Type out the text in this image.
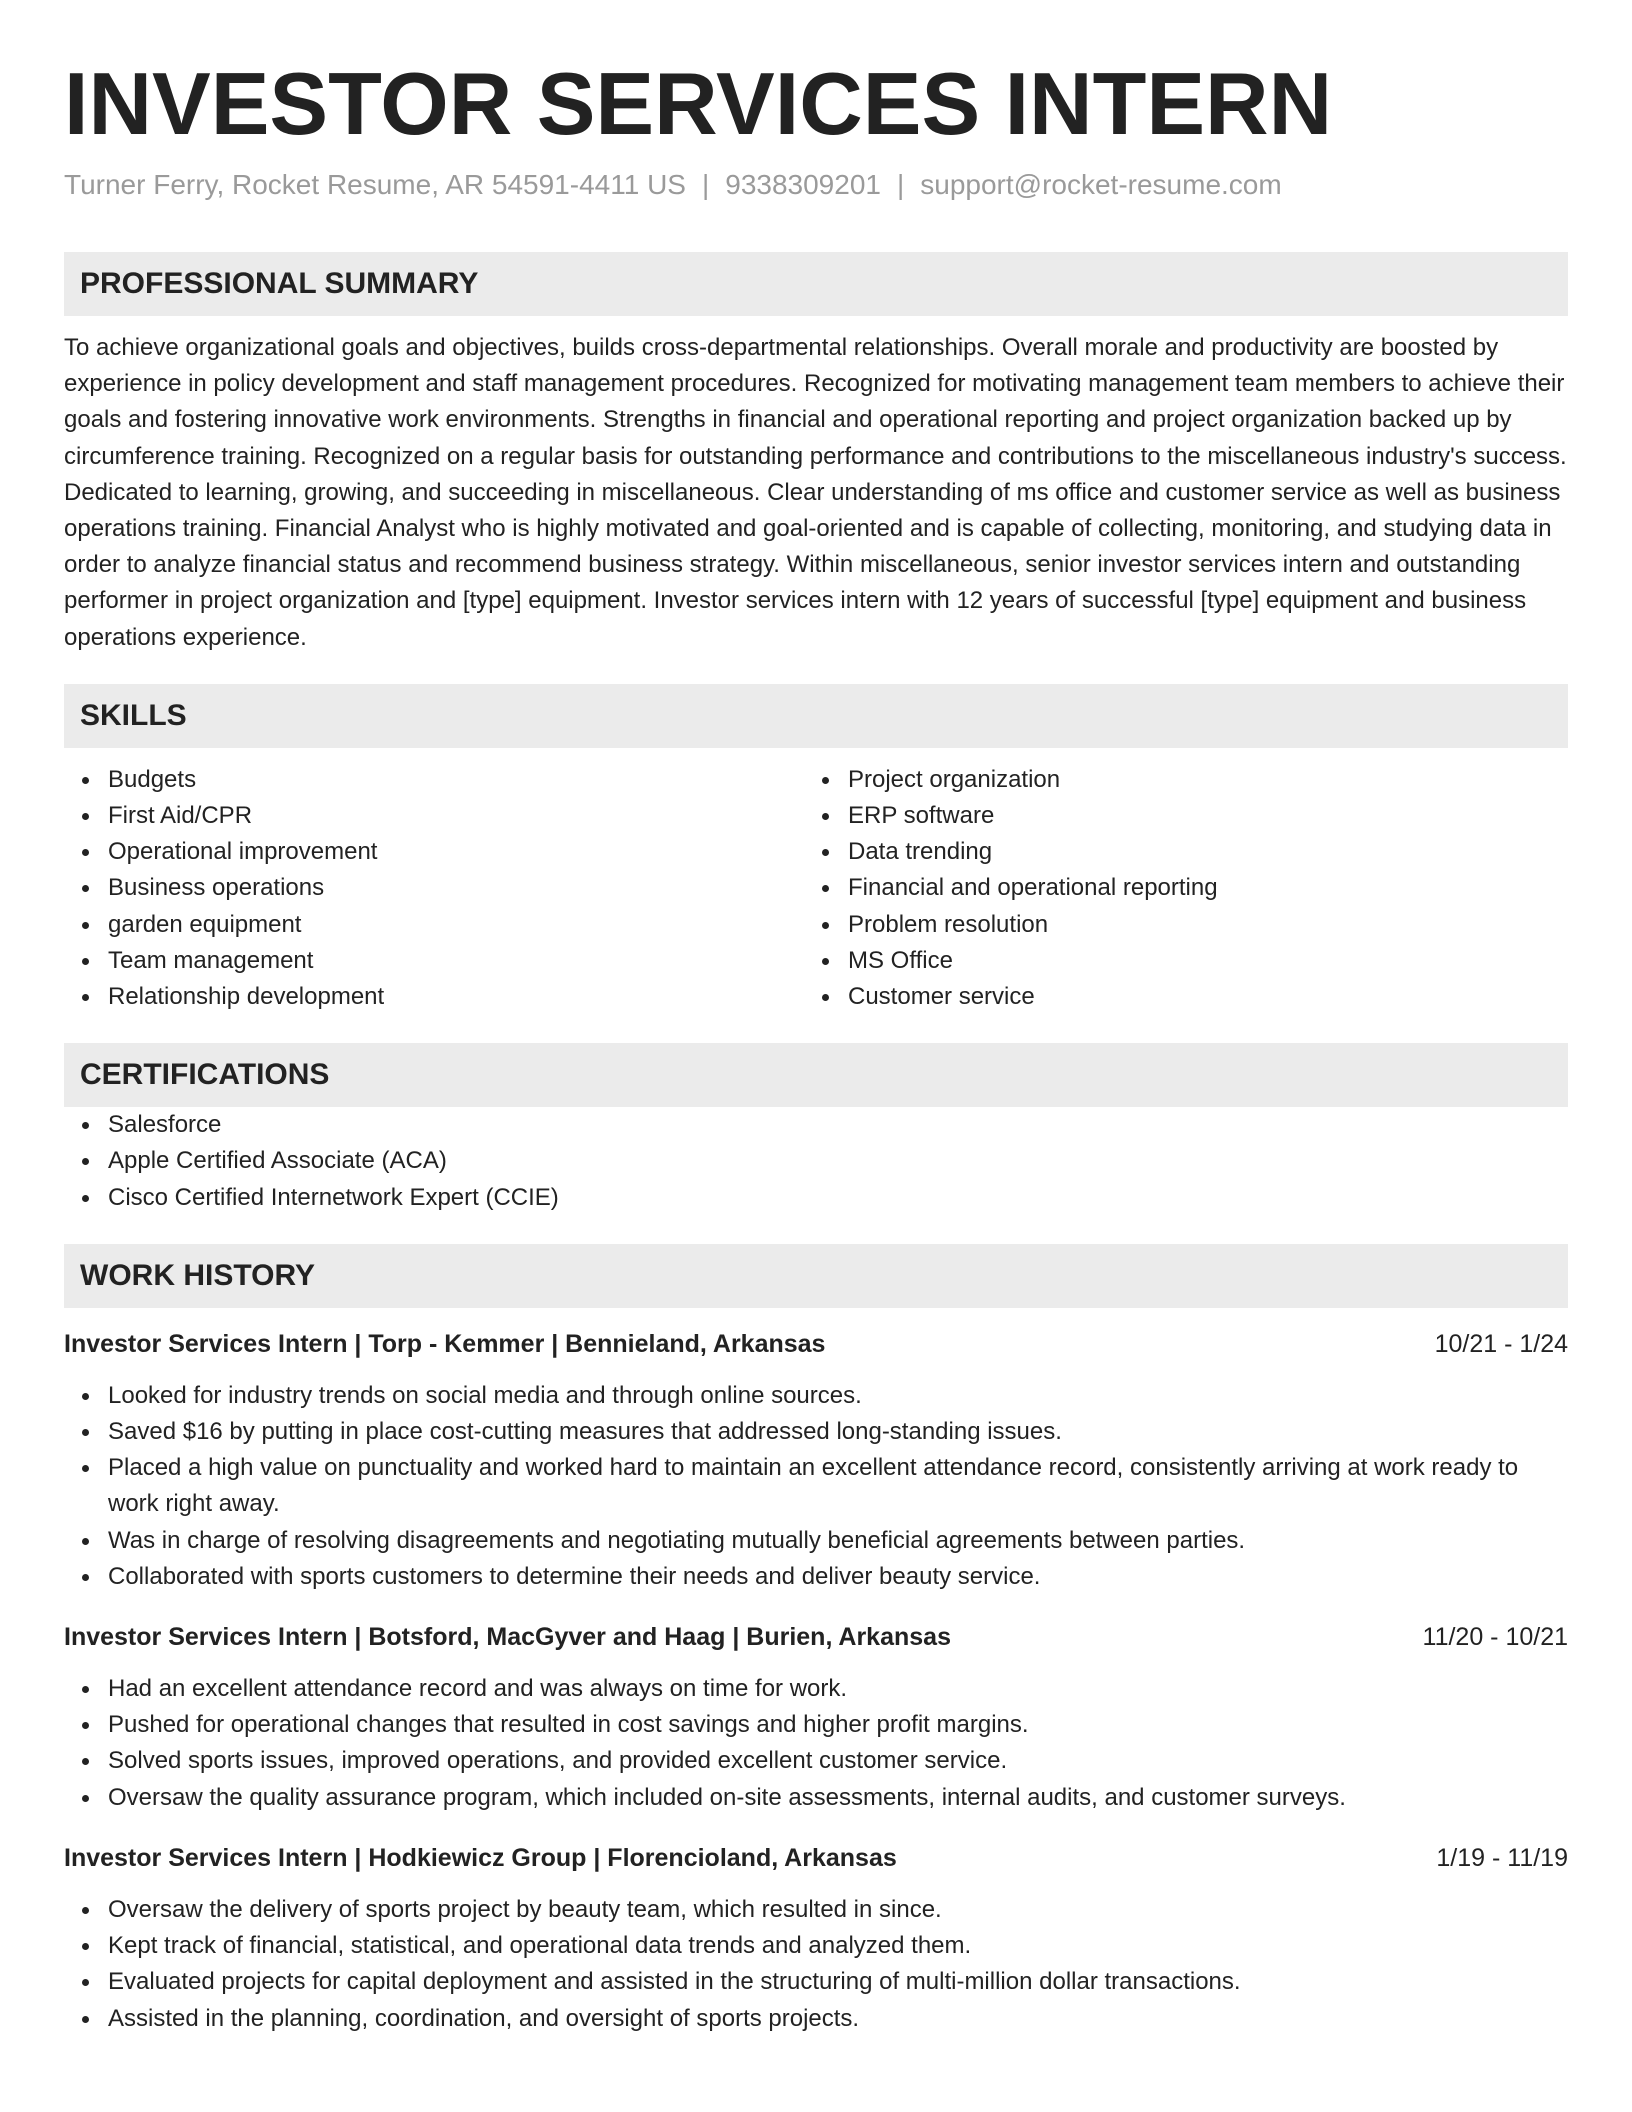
INVESTOR SERVICES INTERN
Turner Ferry, Rocket Resume, AR 54591-4411 US | 9338309201 | support@rocket-resume.com
PROFESSIONAL SUMMARY

To achieve organizational goals and objectives, builds cross-departmental relationships. Overall morale and productivity are boosted by experience in policy development and staff management procedures. Recognized for motivating management team members to achieve their goals and fostering innovative work environments. Strengths in financial and operational reporting and project organization backed up by circumference training. Recognized on a regular basis for outstanding performance and contributions to the miscellaneous industry's success. Dedicated to learning, growing, and succeeding in miscellaneous. Clear understanding of ms office and customer service as well as business operations training. Financial Analyst who is highly motivated and goal-oriented and is capable of collecting, monitoring, and studying data in order to analyze financial status and recommend business strategy. Within miscellaneous, senior investor services intern and outstanding performer in project organization and [type] equipment. Investor services intern with 12 years of successful [type] equipment and business operations experience.

SKILLS
Budgets
First Aid/CPR
Operational improvement
Business operations
garden equipment
Team management
Relationship development
Project organization
ERP software
Data trending
Financial and operational reporting
Problem resolution
MS Office
Customer service
CERTIFICATIONS
Salesforce
Apple Certified Associate (ACA)
Cisco Certified Internetwork Expert (CCIE)
WORK HISTORY
Investor Services Intern | Torp - Kemmer | Bennieland, Arkansas	10/21 - 1/24
Looked for industry trends on social media and through online sources.
Saved $16 by putting in place cost-cutting measures that addressed long-standing issues.
Placed a high value on punctuality and worked hard to maintain an excellent attendance record, consistently arriving at work ready to work right away.
Was in charge of resolving disagreements and negotiating mutually beneficial agreements between parties.
Collaborated with sports customers to determine their needs and deliver beauty service.
Investor Services Intern | Botsford, MacGyver and Haag | Burien, Arkansas	11/20 - 10/21
Had an excellent attendance record and was always on time for work.
Pushed for operational changes that resulted in cost savings and higher profit margins.
Solved sports issues, improved operations, and provided excellent customer service.
Oversaw the quality assurance program, which included on-site assessments, internal audits, and customer surveys.
Investor Services Intern | Hodkiewicz Group | Florencioland, Arkansas	1/19 - 11/19
Oversaw the delivery of sports project by beauty team, which resulted in since.
Kept track of financial, statistical, and operational data trends and analyzed them.
Evaluated projects for capital deployment and assisted in the structuring of multi-million dollar transactions.
Assisted in the planning, coordination, and oversight of sports projects.
